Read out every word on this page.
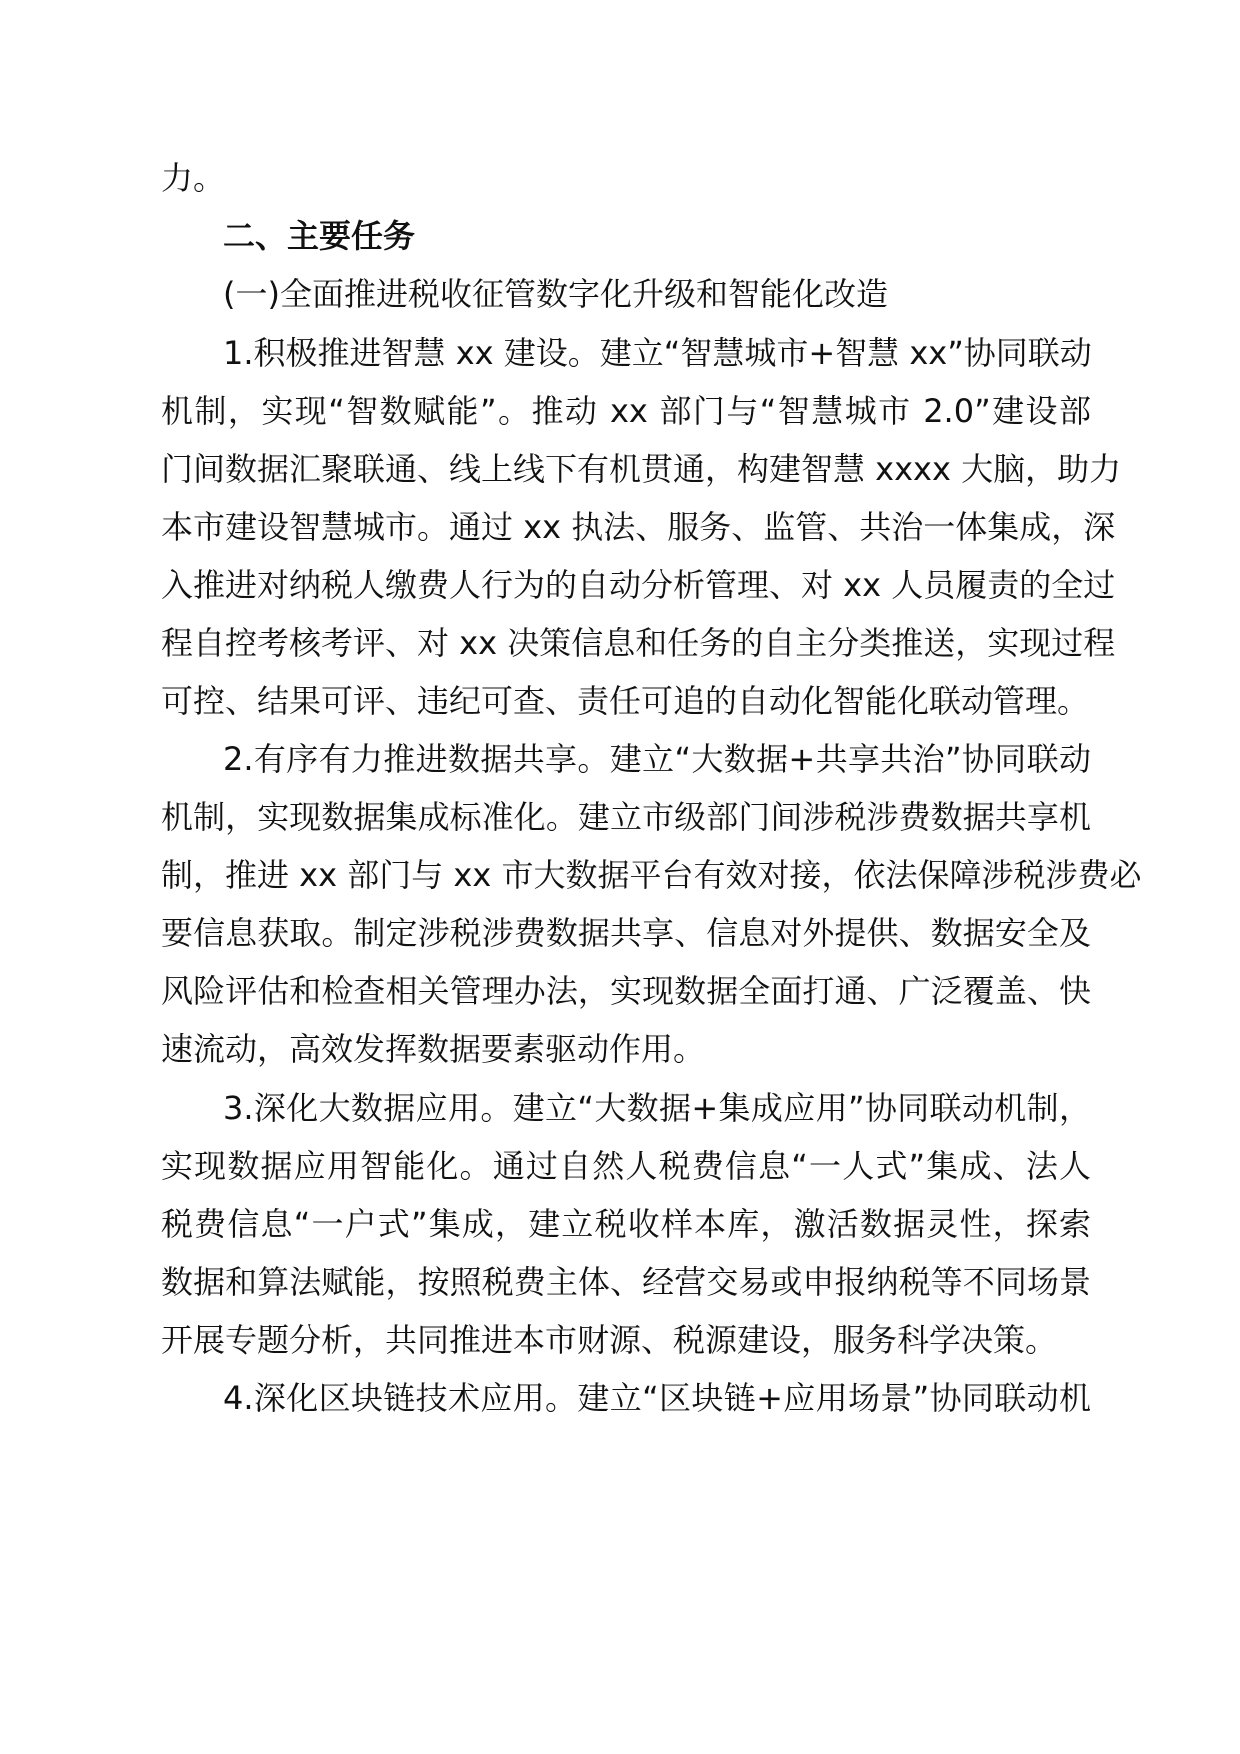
力。
二、主要任务
(一)全面推进税收征管数字化升级和智能化改造
1.积极推进智慧 xx 建设。建立“智慧城市+智慧 xx”协同联动
机制，实现“智数赋能”。推动 xx 部门与“智慧城市 2.0”建设部
门间数据汇聚联通、线上线下有机贯通，构建智慧 xxxx 大脑，助力
本市建设智慧城市。通过 xx 执法、服务、监管、共治一体集成，深
入推进对纳税人缴费人行为的自动分析管理、对 xx 人员履责的全过
程自控考核考评、对 xx 决策信息和任务的自主分类推送，实现过程
可控、结果可评、违纪可查、责任可追的自动化智能化联动管理。
2.有序有力推进数据共享。建立“大数据+共享共治”协同联动
机制，实现数据集成标准化。建立市级部门间涉税涉费数据共享机
制，推进 xx 部门与 xx 市大数据平台有效对接，依法保障涉税涉费必
要信息获取。制定涉税涉费数据共享、信息对外提供、数据安全及
风险评估和检查相关管理办法，实现数据全面打通、广泛覆盖、快
速流动，高效发挥数据要素驱动作用。
3.深化大数据应用。建立“大数据+集成应用”协同联动机制，
实现数据应用智能化。通过自然人税费信息“一人式”集成、法人
税费信息“一户式”集成，建立税收样本库，激活数据灵性，探索
数据和算法赋能，按照税费主体、经营交易或申报纳税等不同场景
开展专题分析，共同推进本市财源、税源建设，服务科学决策。
4.深化区块链技术应用。建立“区块链+应用场景”协同联动机
